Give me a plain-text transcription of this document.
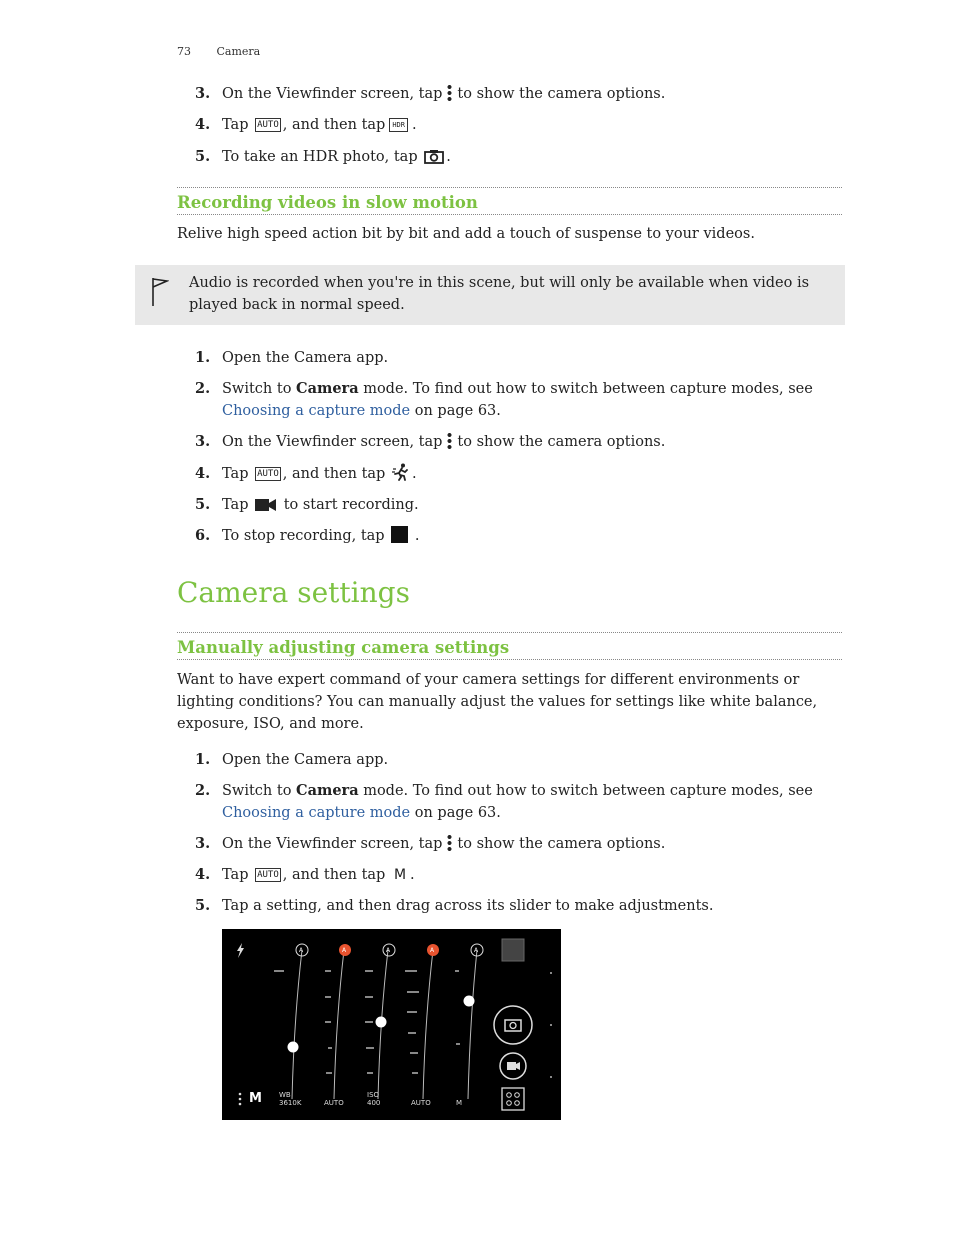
73 Camera
3. On the Viewfinder screen, tap to show the camera options.
4. Tap AUTO , and then tap HDR .
5. To take an HDR photo, tap .
Recording videos in slow motion
Relive high speed action bit by bit and add a touch of suspense to your videos.
Audio is recorded when you're in this scene, but will only be available when video is played back in normal speed.
1. Open the Camera app.
2. Switch to Camera mode. To find out how to switch between capture modes, see Choosing a capture mode on page 63.
3. On the Viewfinder screen, tap to show the camera options.
4. Tap AUTO , and then tap .
5. Tap to start recording.
6. To stop recording, tap .
Camera settings
Manually adjusting camera settings
Want to have expert command of your camera settings for different environments or lighting conditions? You can manually adjust the values for settings like white balance, exposure, ISO, and more.
1. Open the Camera app.
2. Switch to Camera mode. To find out how to switch between capture modes, see Choosing a capture mode on page 63.
3. On the Viewfinder screen, tap to show the camera options.
4. Tap AUTO , and then tap M .
5. Tap a setting, and then drag across its slider to make adjustments.
A	A	A	A	A
M WB
3610K	AUTO
ISO
400	AUTO	M
